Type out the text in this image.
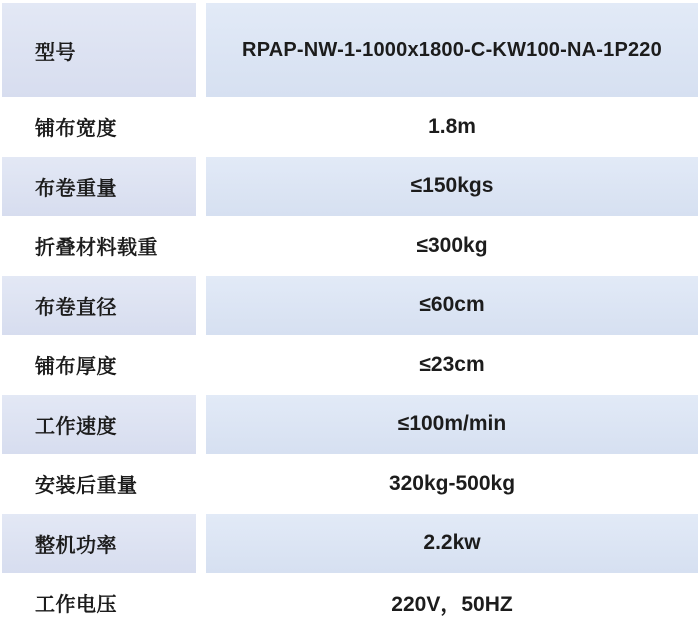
型号	RPAP-NW-1-1000x1800-C-KW100-NA-1P220
铺布宽度	1.8m
布卷重量	≤150kgs
折叠材料载重	≤300kg
布卷直径	≤60cm
铺布厚度	≤23cm
工作速度	≤100m/min
安装后重量	320kg-500kg
整机功率	2.2kw
工作电压	220V，50HZ
